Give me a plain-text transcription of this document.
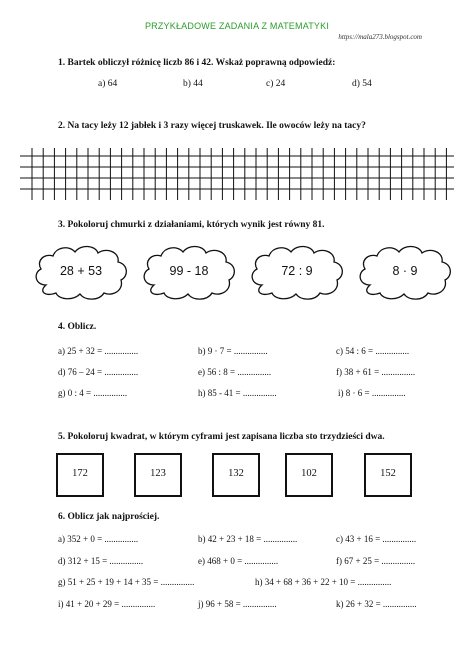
PRZYKŁADOWE ZADANIA Z MATEMATYKI
https://mala273.blogspot.com
1. Bartek obliczył różnicę liczb 86 i 42. Wskaż poprawną odpowiedź:
a) 64	b) 44	c) 24	d) 54
2. Na tacy leży 12 jabłek i 3 razy więcej truskawek. Ile owoców leży na tacy?
3. Pokoloruj chmurki z działaniami, których wynik jest równy 81.
28 + 53	99 - 18	72 : 9	8 · 9
4. Oblicz.
a) 25 + 32 = ...............	b) 9 · 7 = ...............	c) 54 : 6 = ...............
d) 76 – 24 = ...............	e) 56 : 8 = ...............	f) 38 + 61 = ...............
g) 0 : 4 = ...............	h) 85 - 41 = ...............	i) 8 · 6 = ...............
5. Pokoloruj kwadrat, w którym cyframi jest zapisana liczba sto trzydzieści dwa.
172	123	132	102	152
6. Oblicz jak najprościej.
a) 352 + 0 = ...............	b) 42 + 23 + 18 = ...............	c) 43 + 16 = ...............
d) 312 + 15 = ...............	e) 468 + 0 = ...............	f) 67 + 25 = ...............
g) 51 + 25 + 19 + 14 + 35 = ...............	h) 34 + 68 + 36 + 22 + 10 = ...............
i) 41 + 20 + 29 = ...............	j) 96 + 58 = ...............	k) 26 + 32 = ...............
